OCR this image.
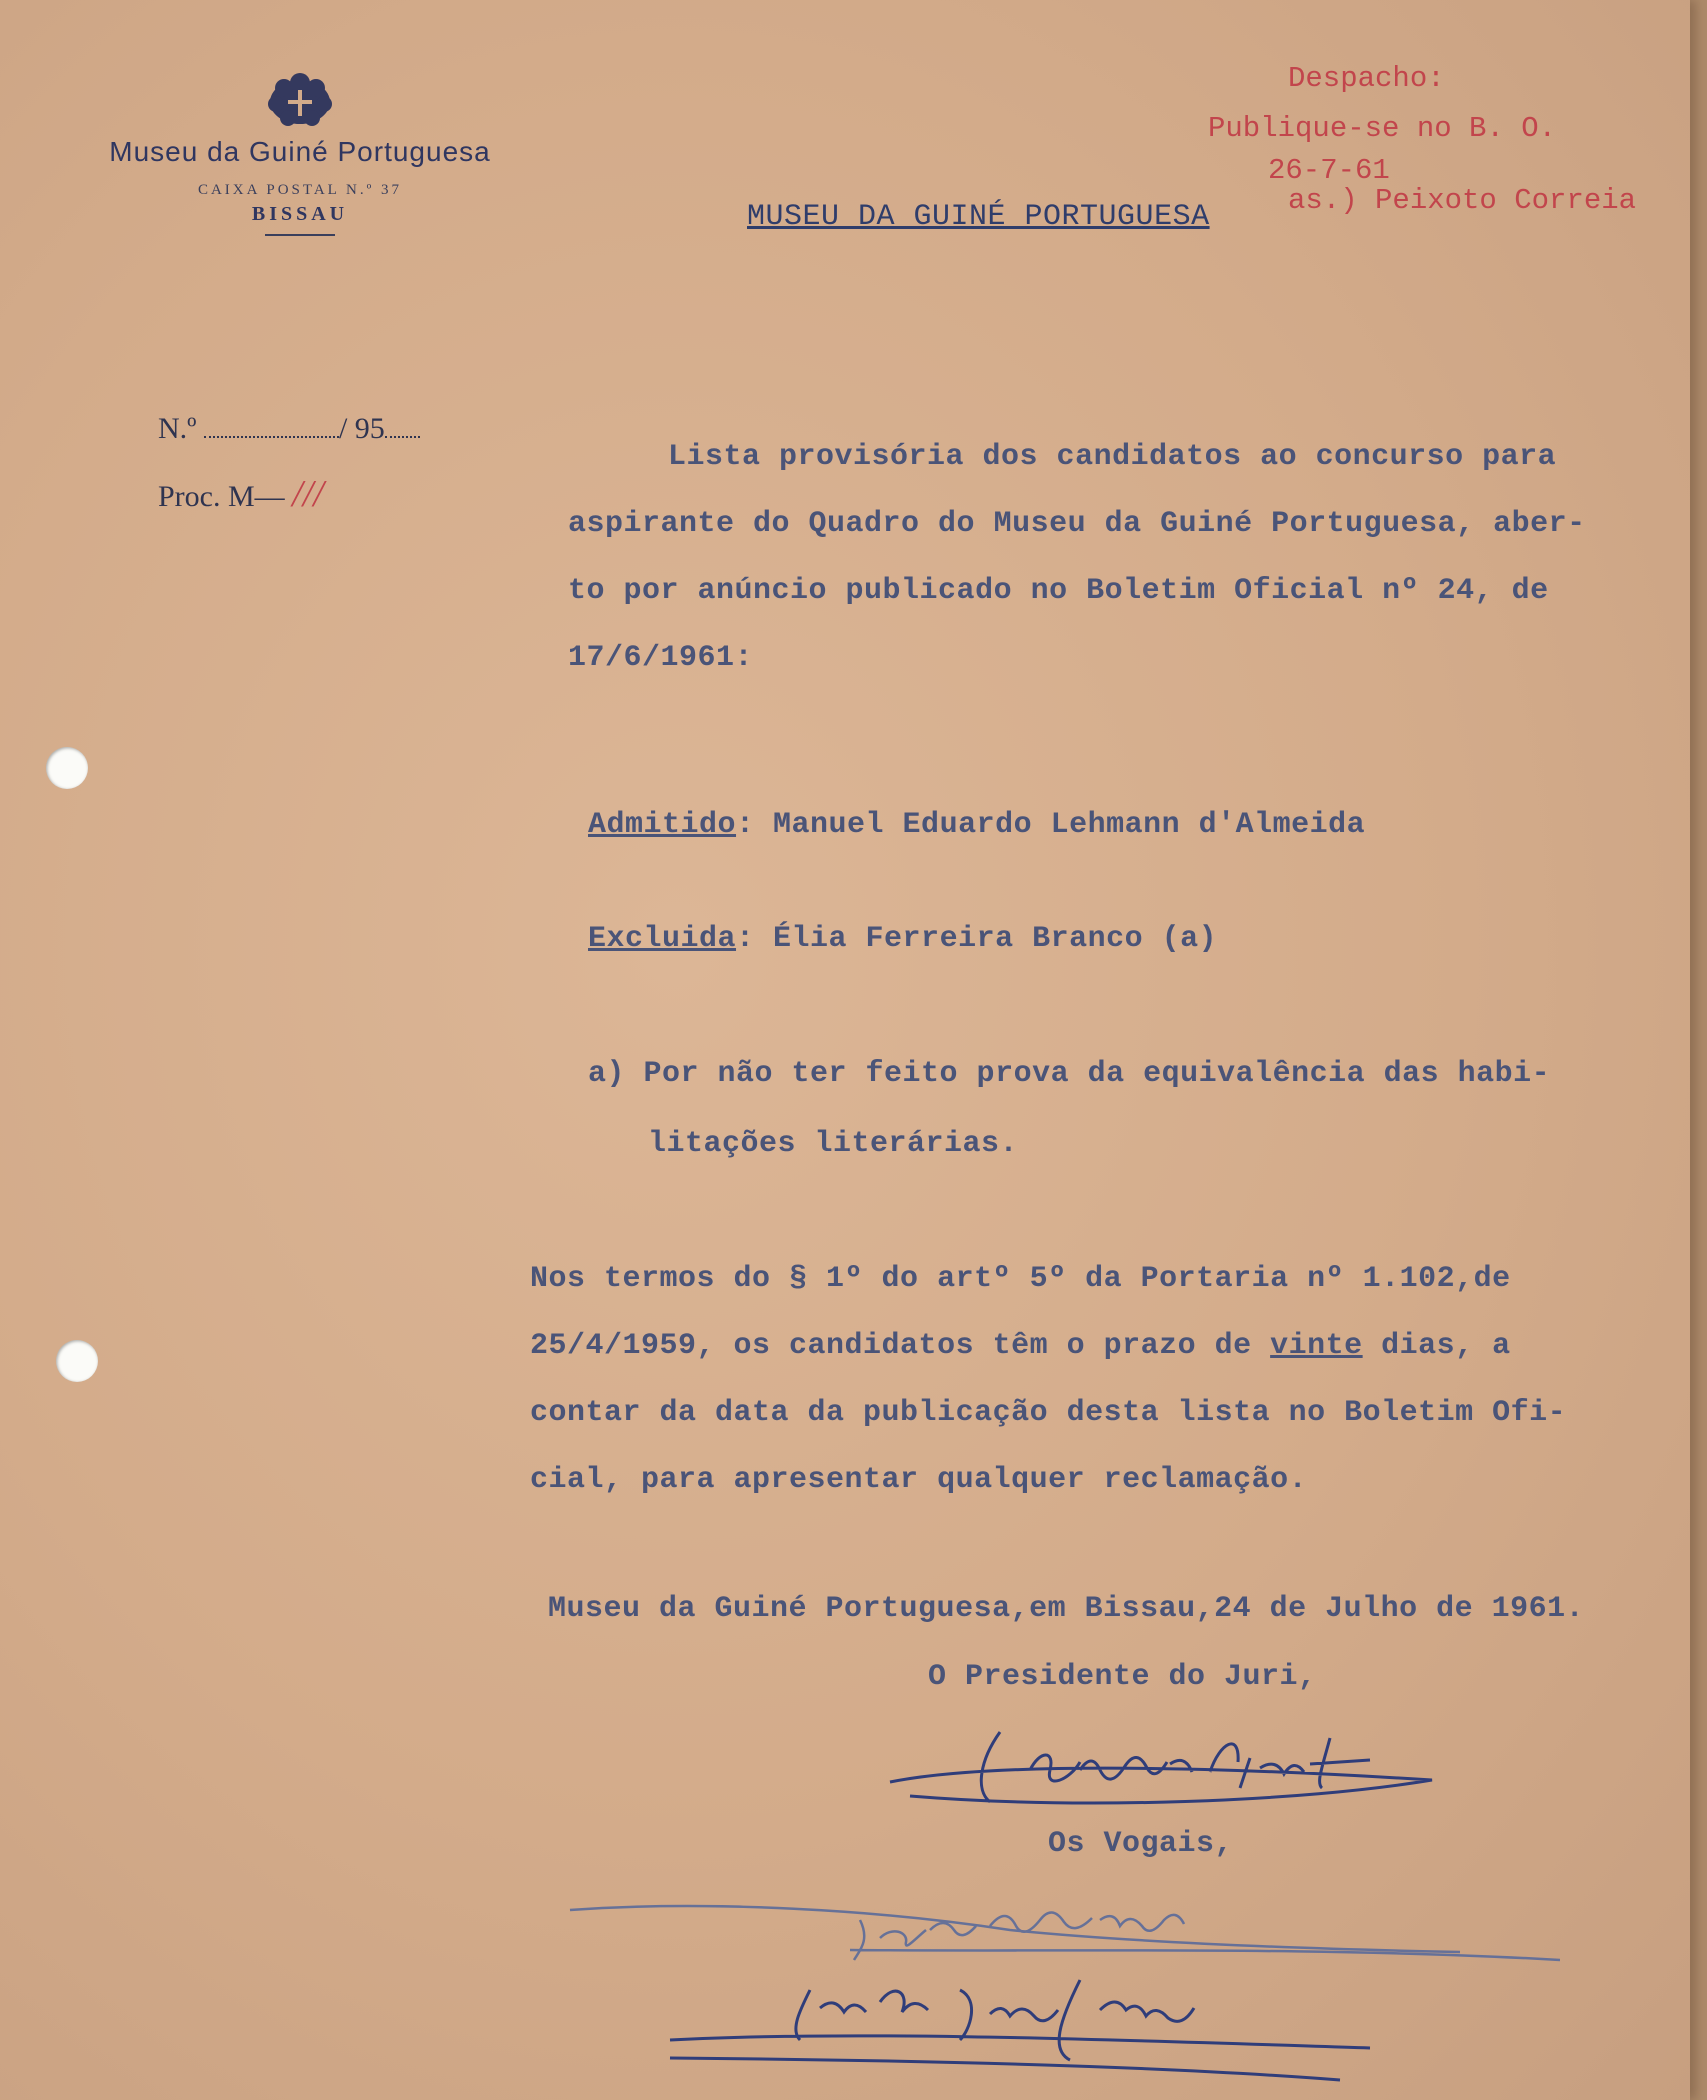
Museu da Guiné Portuguesa
CAIXA POSTAL N.º 37
BISSAU
Despacho:
Publique-se no B. O.
26-7-61
as.) Peixoto Correia
MUSEU DA GUINÉ PORTUGUESA
N.º	/ 95
Proc. M— ///
Lista provisória dos candidatos ao concurso para
aspirante do Quadro do Museu da Guiné Portuguesa, aber-
to por anúncio publicado no Boletim Oficial nº 24, de
17/6/1961:
Admitido: Manuel Eduardo Lehmann d'Almeida
Excluida: Élia Ferreira Branco (a)
a) Por não ter feito prova da equivalência das habi-
litações literárias.
Nos termos do § 1º do artº 5º da Portaria nº 1.102,de
25/4/1959, os candidatos têm o prazo de vinte dias, a
contar da data da publicação desta lista no Boletim Ofi-
cial, para apresentar qualquer reclamação.
Museu da Guiné Portuguesa,em Bissau,24 de Julho de 1961.
O Presidente do Juri,
Os Vogais,
